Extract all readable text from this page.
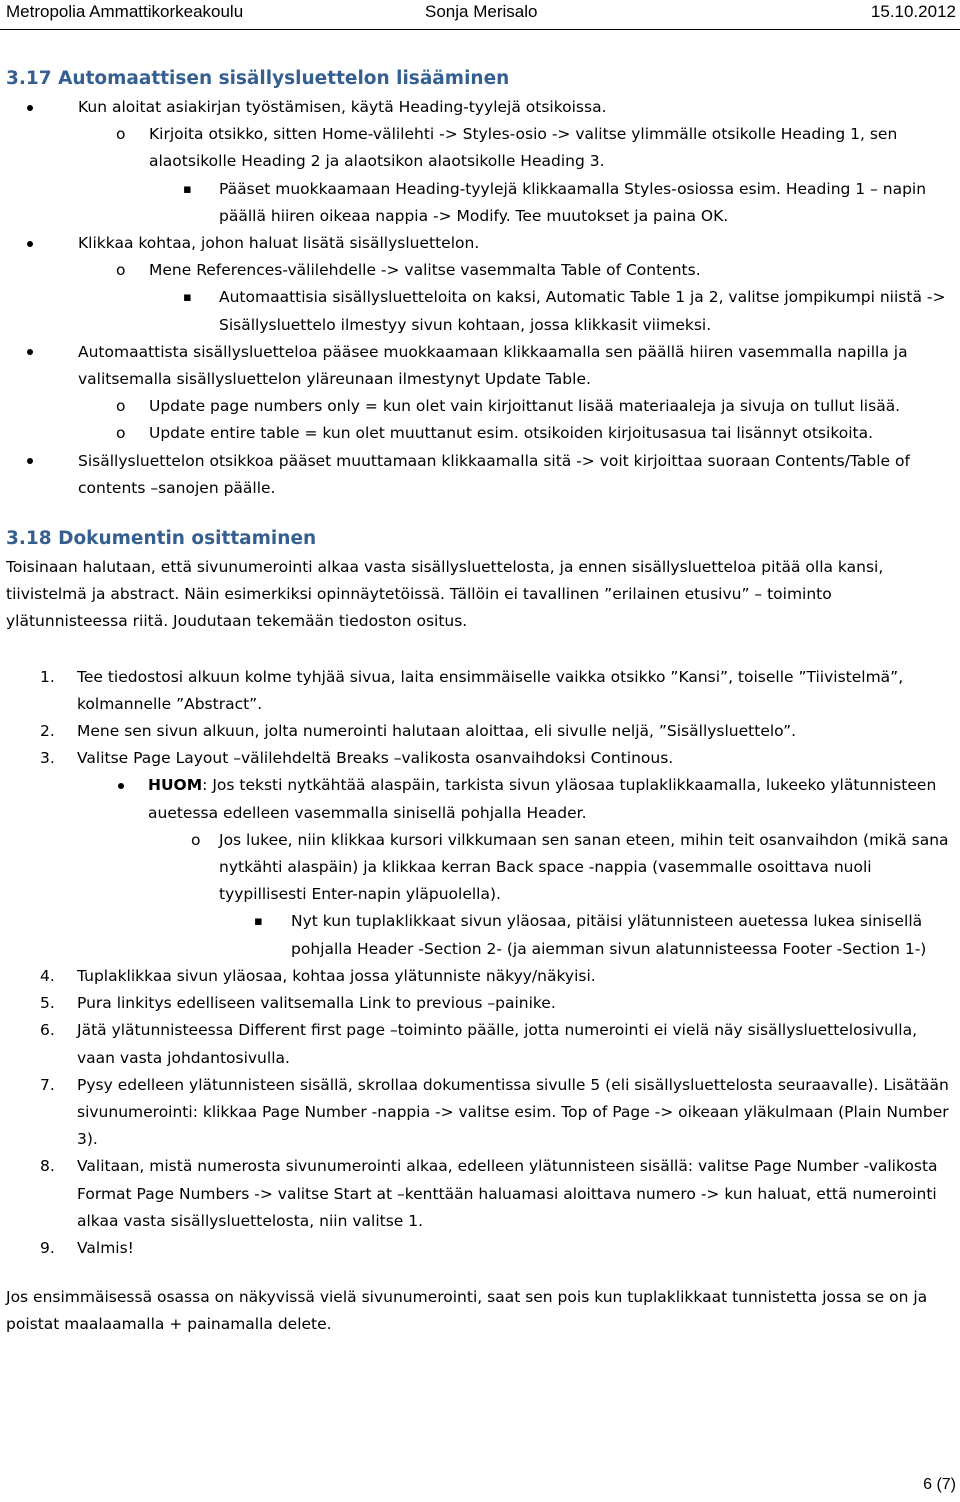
Metropolia Ammattikorkeakoulu	Sonja Merisalo	15.10.2012
3.17 Automaattisen sisällysluettelon lisääminen
Kun aloitat asiakirjan työstämisen, käytä Heading-tyylejä otsikoissa.
o Kirjoita otsikko, sitten Home-välilehti -> Styles-osio -> valitse ylimmälle otsikolle Heading 1, sen alaotsikolle Heading 2 ja alaotsikon alaotsikolle Heading 3.
▪ Pääset muokkaamaan Heading-tyylejä klikkaamalla Styles-osiossa esim. Heading 1 – napin päällä hiiren oikeaa nappia -> Modify. Tee muutokset ja paina OK.
Klikkaa kohtaa, johon haluat lisätä sisällysluettelon.
o Mene References-välilehdelle -> valitse vasemmalta Table of Contents.
▪ Automaattisia sisällysluetteloita on kaksi, Automatic Table 1 ja 2, valitse jompikumpi niistä -> Sisällysluettelo ilmestyy sivun kohtaan, jossa klikkasit viimeksi.
Automaattista sisällysluetteloa pääsee muokkaamaan klikkaamalla sen päällä hiiren vasemmalla napilla ja valitsemalla sisällysluettelon yläreunaan ilmestynyt Update Table.
o Update page numbers only = kun olet vain kirjoittanut lisää materiaaleja ja sivuja on tullut lisää.
o Update entire table = kun olet muuttanut esim. otsikoiden kirjoitusasua tai lisännyt otsikoita.
Sisällysluettelon otsikkoa pääset muuttamaan klikkaamalla sitä -> voit kirjoittaa suoraan Contents/Table of contents –sanojen päälle.
3.18 Dokumentin osittaminen

Toisinaan halutaan, että sivunumerointi alkaa vasta sisällysluettelosta, ja ennen sisällysluetteloa pitää olla kansi, tiivistelmä ja abstract. Näin esimerkiksi opinnäytetöissä. Tällöin ei tavallinen ”erilainen etusivu” – toiminto ylätunnisteessa riitä. Joudutaan tekemään tiedoston ositus.

1. Tee tiedostosi alkuun kolme tyhjää sivua, laita ensimmäiselle vaikka otsikko ”Kansi”, toiselle ”Tiivistelmä”, kolmannelle ”Abstract”.
2. Mene sen sivun alkuun, jolta numerointi halutaan aloittaa, eli sivulle neljä, ”Sisällysluettelo”.
3. Valitse Page Layout –välilehdeltä Breaks –valikosta osanvaihdoksi Continous.
HUOM: Jos teksti nytkähtää alaspäin, tarkista sivun yläosaa tuplaklikkaamalla, lukeeko ylätunnisteen auetessa edelleen vasemmalla sinisellä pohjalla Header.
o Jos lukee, niin klikkaa kursori vilkkumaan sen sanan eteen, mihin teit osanvaihdon (mikä sana nytkähti alaspäin) ja klikkaa kerran Back space -nappia (vasemmalle osoittava nuoli tyypillisesti Enter-napin yläpuolella).
▪ Nyt kun tuplaklikkaat sivun yläosaa, pitäisi ylätunnisteen auetessa lukea sinisellä pohjalla Header -Section 2- (ja aiemman sivun alatunnisteessa Footer -Section 1-)
4. Tuplaklikkaa sivun yläosaa, kohtaa jossa ylätunniste näkyy/näkyisi.
5. Pura linkitys edelliseen valitsemalla Link to previous –painike.
6. Jätä ylätunnisteessa Different first page –toiminto päälle, jotta numerointi ei vielä näy sisällysluettelosivulla, vaan vasta johdantosivulla.
7. Pysy edelleen ylätunnisteen sisällä, skrollaa dokumentissa sivulle 5 (eli sisällysluettelosta seuraavalle). Lisätään sivunumerointi: klikkaa Page Number -nappia -> valitse esim. Top of Page -> oikeaan yläkulmaan (Plain Number 3).
8. Valitaan, mistä numerosta sivunumerointi alkaa, edelleen ylätunnisteen sisällä: valitse Page Number -valikosta Format Page Numbers -> valitse Start at –kenttään haluamasi aloittava numero -> kun haluat, että numerointi alkaa vasta sisällysluettelosta, niin valitse 1.
9. Valmis!

Jos ensimmäisessä osassa on näkyvissä vielä sivunumerointi, saat sen pois kun tuplaklikkaat tunnistetta jossa se on ja poistat maalaamalla + painamalla delete.

6 (7)
